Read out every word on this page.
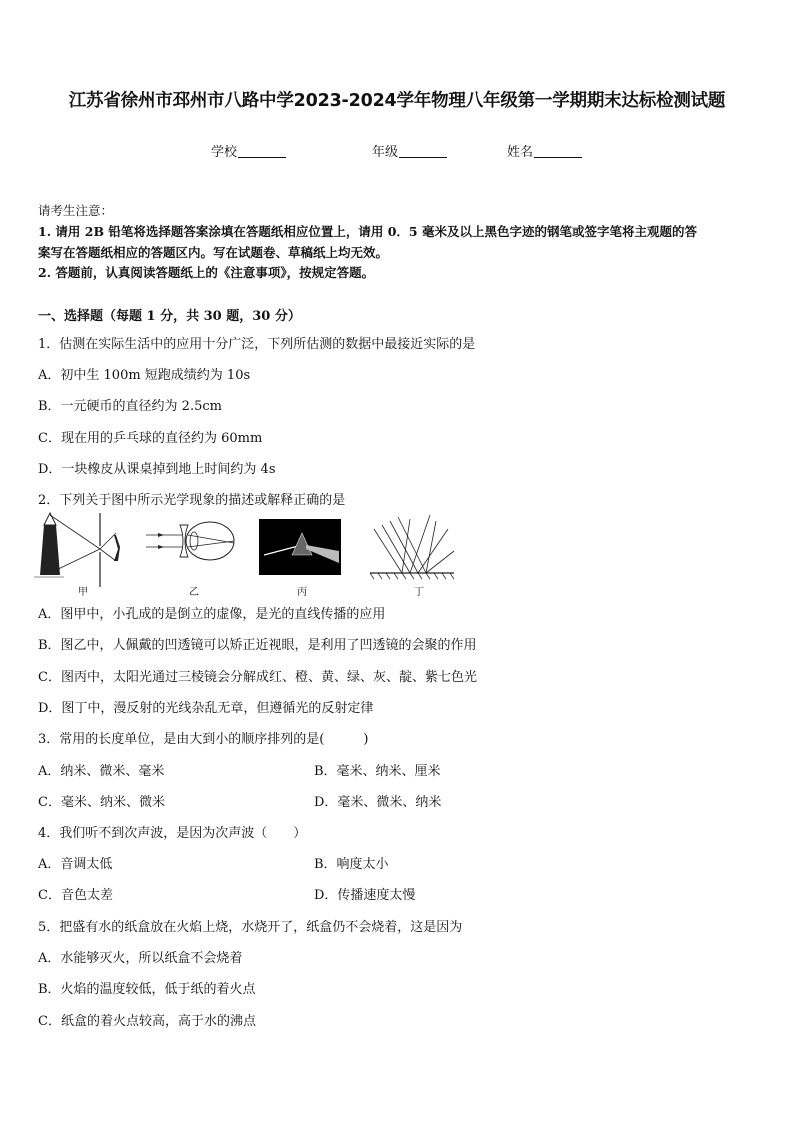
江苏省徐州市邳州市八路中学2023-2024学年物理八年级第一学期期末达标检测试题
学校	年级	姓名
请考生注意：
1. 请用 2B 铅笔将选择题答案涂填在答题纸相应位置上，请用 0．5 毫米及以上黑色字迹的钢笔或签字笔将主观题的答
案写在答题纸相应的答题区内。写在试题卷、草稿纸上均无效。
2. 答题前，认真阅读答题纸上的《注意事项》，按规定答题。
一、选择题（每题 1 分，共 30 题，30 分）
1．估测在实际生活中的应用十分广泛，下列所估测的数据中最接近实际的是
A．初中生 100m 短跑成绩约为 10s
B．一元硬币的直径约为 2.5cm
C．现在用的乒乓球的直径约为 60mm
D．一块橡皮从课桌掉到地上时间约为 4s
2．下列关于图中所示光学现象的描述或解释正确的是
甲	乙	丙	丁
A．图甲中，小孔成的是倒立的虚像，是光的直线传播的应用
B．图乙中，人佩戴的凹透镜可以矫正近视眼，是利用了凹透镜的会聚的作用
C．图丙中，太阳光通过三棱镜会分解成红、橙、黄、绿、灰、靛、紫七色光
D．图丁中，漫反射的光线杂乱无章，但遵循光的反射定律
3．常用的长度单位，是由大到小的顺序排列的是(　　　)
A．纳米、微米、毫米	B．毫米、纳米、厘米
C．毫米、纳米、微米	D．毫米、微米、纳米
4．我们听不到次声波，是因为次声波（　　）
A．音调太低	B．响度太小
C．音色太差	D．传播速度太慢
5．把盛有水的纸盒放在火焰上烧，水烧开了，纸盒仍不会烧着，这是因为
A．水能够灭火，所以纸盒不会烧着
B．火焰的温度较低，低于纸的着火点
C．纸盒的着火点较高，高于水的沸点
